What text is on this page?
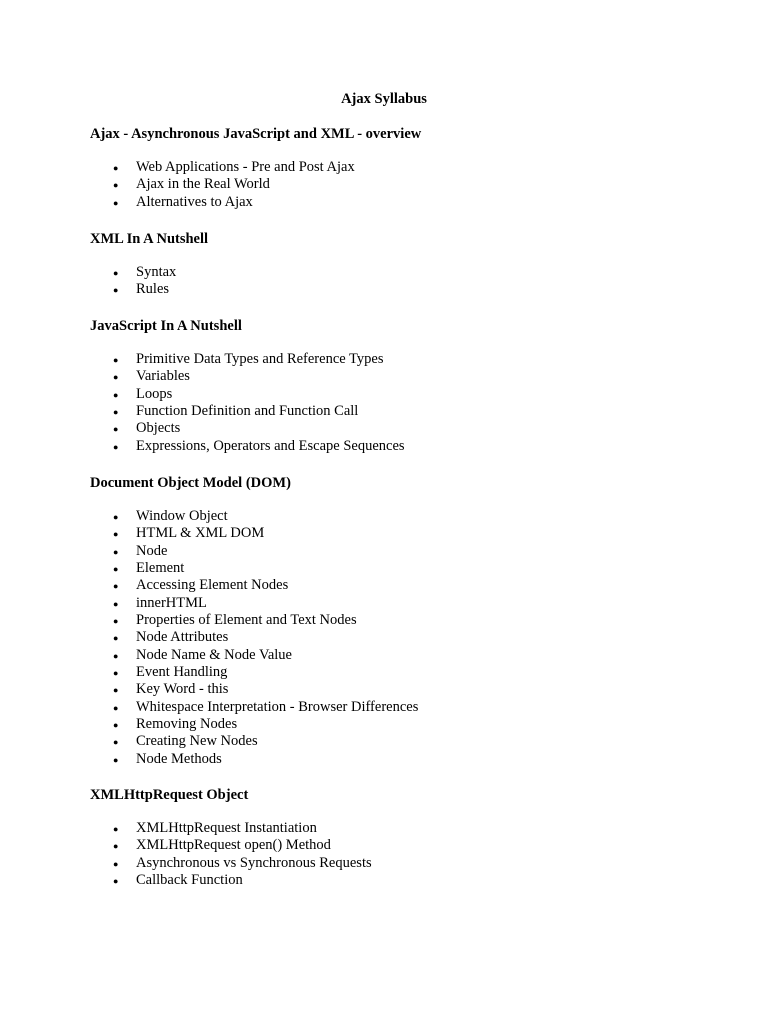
Ajax Syllabus
Ajax - Asynchronous JavaScript and XML - overview
● Web Applications - Pre and Post Ajax
● Ajax in the Real World
● Alternatives to Ajax
XML In A Nutshell
● Syntax
● Rules
JavaScript In A Nutshell
● Primitive Data Types and Reference Types
● Variables
● Loops
● Function Definition and Function Call
● Objects
● Expressions, Operators and Escape Sequences
Document Object Model (DOM)
● Window Object
● HTML & XML DOM
● Node
● Element
● Accessing Element Nodes
● innerHTML
● Properties of Element and Text Nodes
● Node Attributes
● Node Name & Node Value
● Event Handling
● Key Word - this
● Whitespace Interpretation - Browser Differences
● Removing Nodes
● Creating New Nodes
● Node Methods
XMLHttpRequest Object
● XMLHttpRequest Instantiation
● XMLHttpRequest open() Method
● Asynchronous vs Synchronous Requests
● Callback Function
